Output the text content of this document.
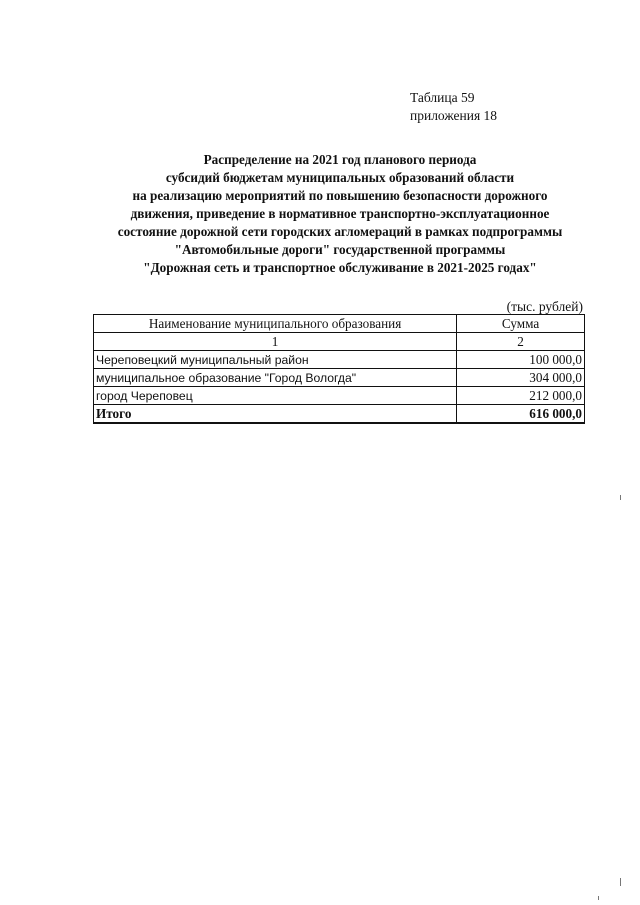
Таблица 59
приложения 18
Распределение на 2021 год планового периода
субсидий бюджетам муниципальных образований области
на реализацию мероприятий по повышению безопасности дорожного
движения, приведение в нормативное транспортно-эксплуатационное
состояние дорожной сети городских агломераций в рамках подпрограммы
"Автомобильные дороги" государственной программы
"Дорожная сеть и транспортное обслуживание в 2021-2025 годах"
(тыс. рублей)
Наименование муниципального образования	Сумма
1	2
Череповецкий муниципальный район	100 000,0
муниципальное образование "Город Вологда"	304 000,0
город Череповец	212 000,0
Итого	616 000,0
